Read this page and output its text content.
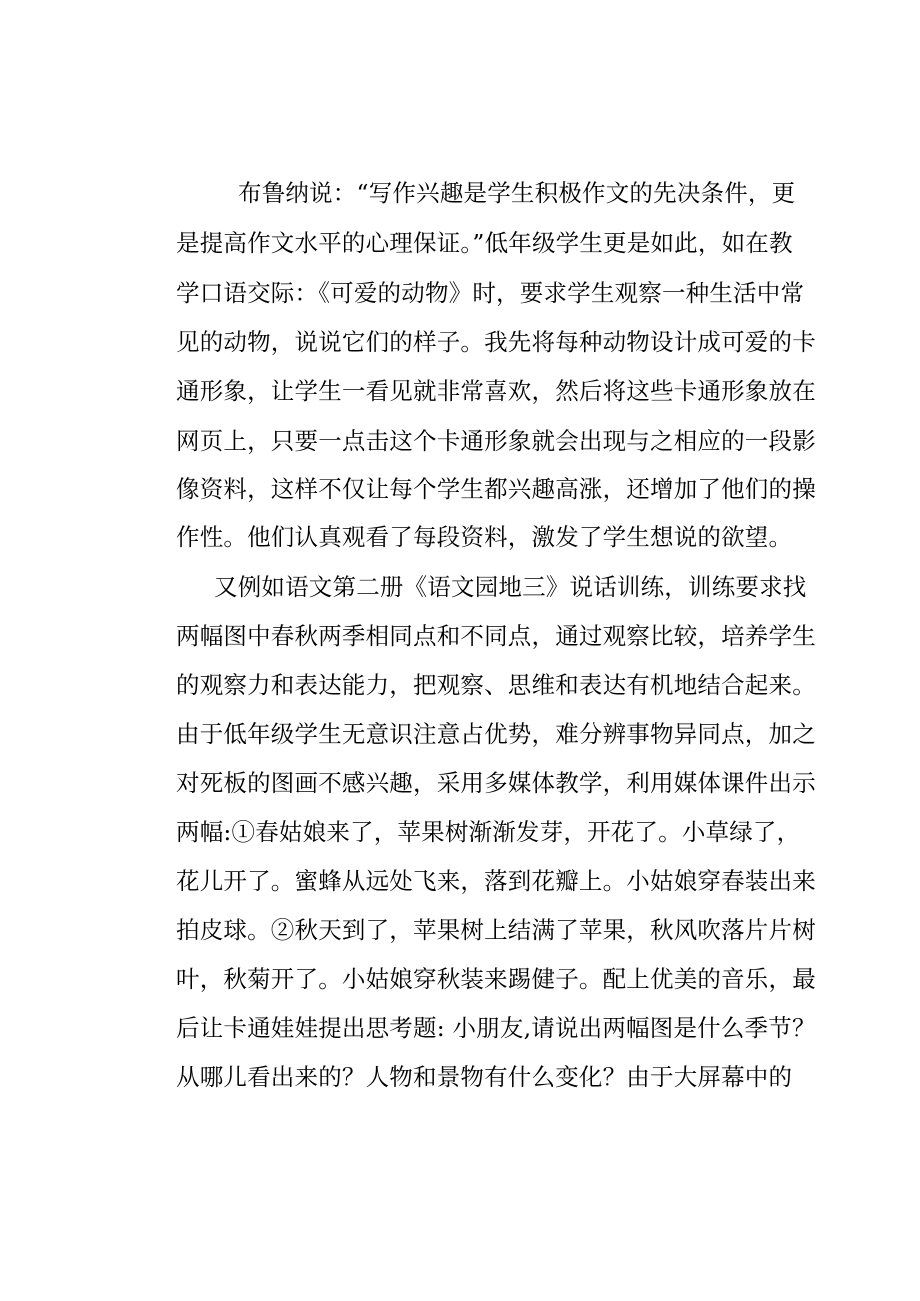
布鲁纳说：“写作兴趣是学生积极作文的先决条件，更
是提高作文水平的心理保证。”低年级学生更是如此，如在教
学口语交际：《可爱的动物》时，要求学生观察一种生活中常
见的动物，说说它们的样子。我先将每种动物设计成可爱的卡
通形象，让学生一看见就非常喜欢，然后将这些卡通形象放在
网页上，只要一点击这个卡通形象就会出现与之相应的一段影
像资料，这样不仅让每个学生都兴趣高涨，还增加了他们的操
作性。他们认真观看了每段资料，激发了学生想说的欲望。
又例如语文第二册《语文园地三》说话训练，训练要求找
两幅图中春秋两季相同点和不同点，通过观察比较，培养学生
的观察力和表达能力，把观察、思维和表达有机地结合起来。
由于低年级学生无意识注意占优势，难分辨事物异同点，加之
对死板的图画不感兴趣，采用多媒体教学，利用媒体课件出示
两幅:①春姑娘来了，苹果树渐渐发芽，开花了。小草绿了，
花儿开了。蜜蜂从远处飞来，落到花瓣上。小姑娘穿春装出来
拍皮球。②秋天到了，苹果树上结满了苹果，秋风吹落片片树
叶，秋菊开了。小姑娘穿秋装来踢健子。配上优美的音乐，最
后让卡通娃娃提出思考题: 小朋友,请说出两幅图是什么季节？
从哪儿看出来的？人物和景物有什么变化？由于大屏幕中的
